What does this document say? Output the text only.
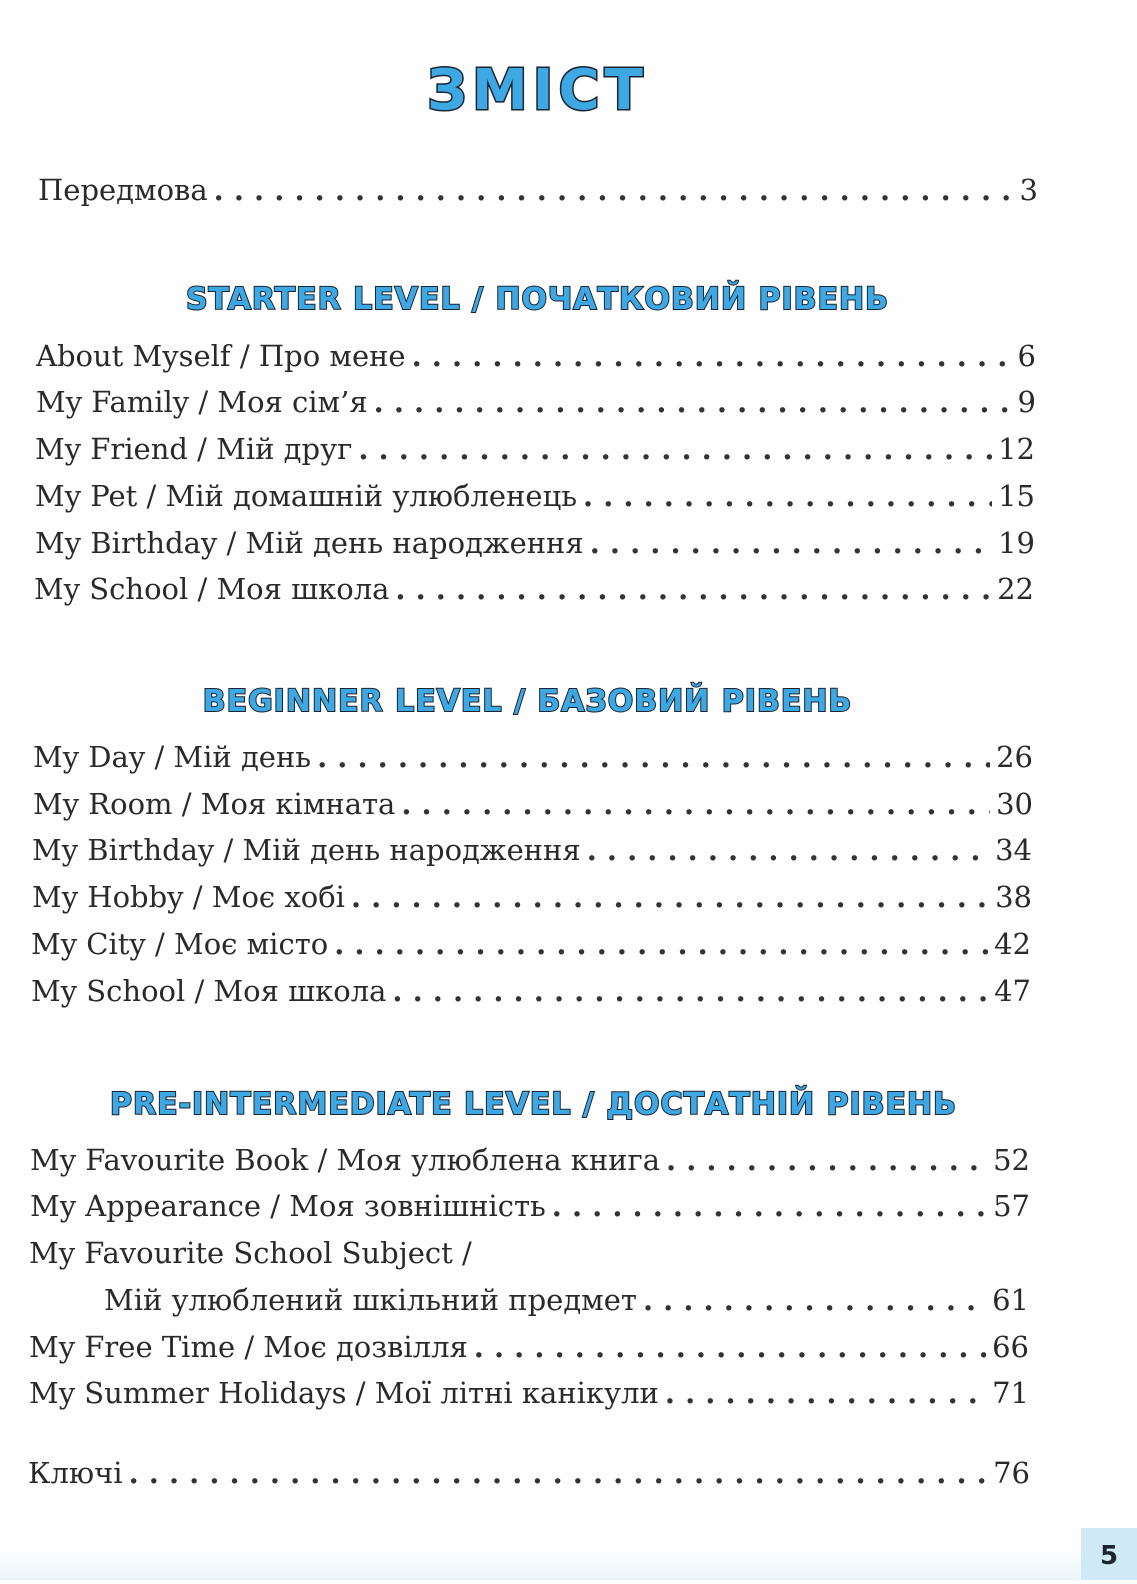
ЗМІСТ
Передмова . . .	3
STARTER LEVEL / ПОЧАТКОВИЙ РІВЕНЬ
About Myself / Про мене . . .	6
My Family / Моя сім’я . . .	9
My Friend / Мій друг . . .	12
My Pet / Мій домашній улюбленець . . .	15
My Birthday / Мій день народження . . .	19
My School / Моя школа . . .	22
BEGINNER LEVEL / БАЗОВИЙ РІВЕНЬ
My Day / Мій день . . .	26
My Room / Моя кімната . . .	30
My Birthday / Мій день народження . . .	34
My Hobby / Моє хобі . . .	38
My City / Моє місто . . .	42
My School / Моя школа . . .	47
PRE-INTERMEDIATE LEVEL / ДОСТАТНІЙ РІВЕНЬ
My Favourite Book / Моя улюблена книга . . .	52
My Appearance / Моя зовнішність . . .	57
My Favourite School Subject /
Мій улюблений шкільний предмет . . .	61
My Free Time / Моє дозвілля . . .	66
My Summer Holidays / Мої літні канікули . . .	71
Ключі . . .	76
5
